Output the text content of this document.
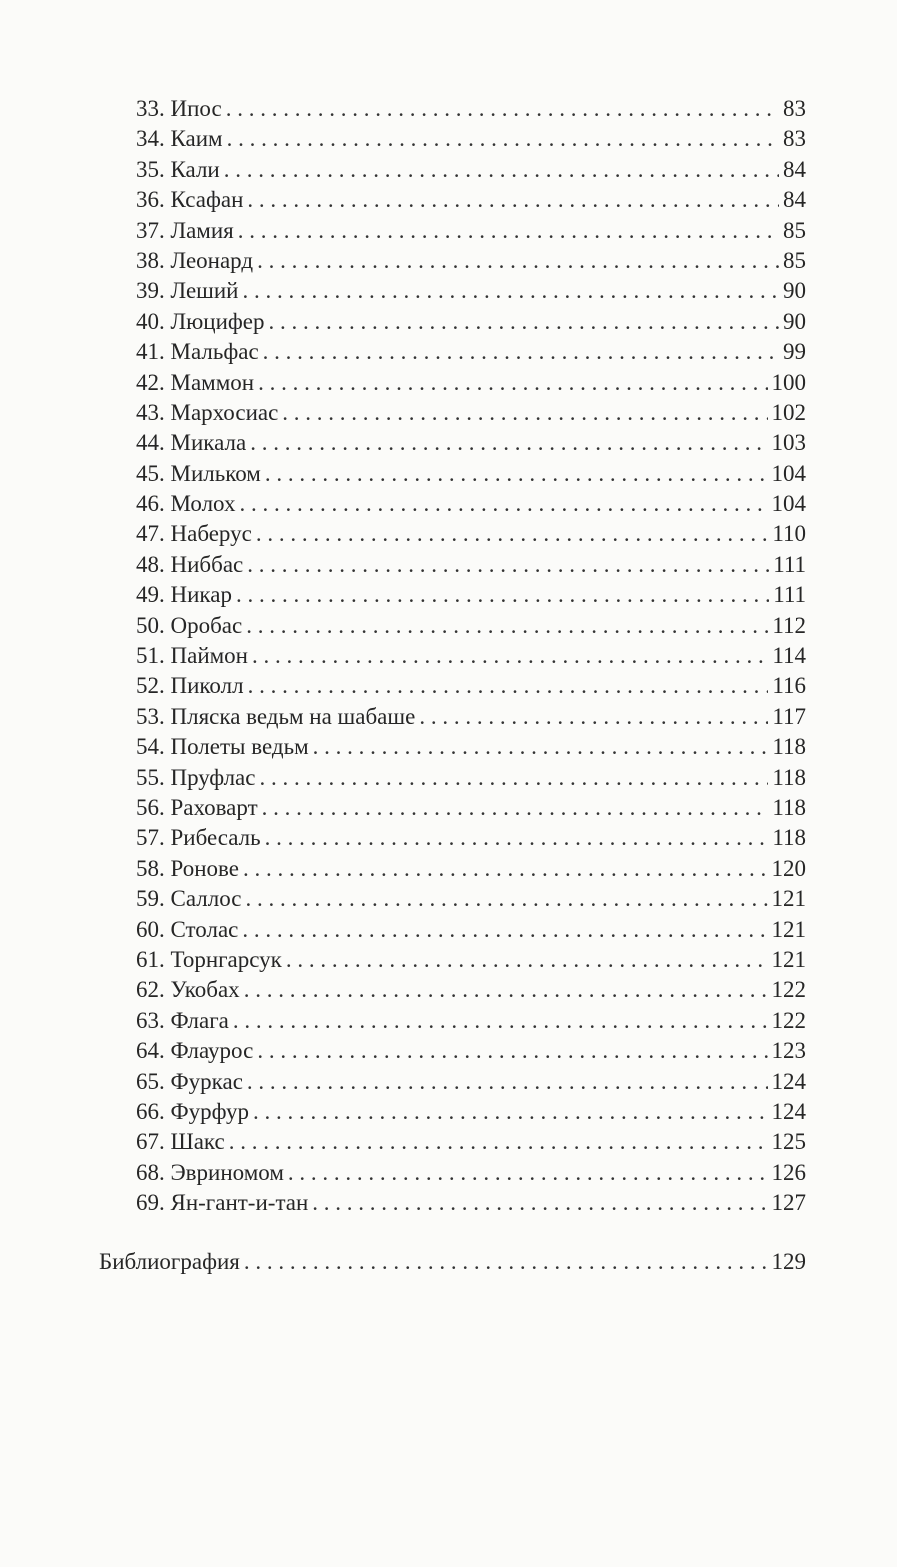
33. Ипос . . .	83
34. Каим . . .	83
35. Кали . . .	84
36. Ксафан . . .	84
37. Ламия . . .	85
38. Леонард . . .	85
39. Леший . . .	90
40. Люцифер . . .	90
41. Мальфас . . .	99
42. Маммон . . .	100
43. Мархосиас . . .	102
44. Микала . . .	103
45. Мильком . . .	104
46. Молох . . .	104
47. Наберус . . .	110
48. Ниббас . . .	111
49. Никар . . .	111
50. Оробас . . .	112
51. Паймон . . .	114
52. Пиколл . . .	116
53. Пляска ведьм на шабаше . . .	117
54. Полеты ведьм . . .	118
55. Пруфлас . . .	118
56. Раховарт . . .	118
57. Рибесаль . . .	118
58. Ронове . . .	120
59. Саллос . . .	121
60. Столас . . .	121
61. Торнгарсук . . .	121
62. Укобах . . .	122
63. Флага . . .	122
64. Флаурос . . .	123
65. Фуркас . . .	124
66. Фурфур . . .	124
67. Шакс . . .	125
68. Эвриномом . . .	126
69. Ян-гант-и-тан . . .	127
Библиография . . .	129
